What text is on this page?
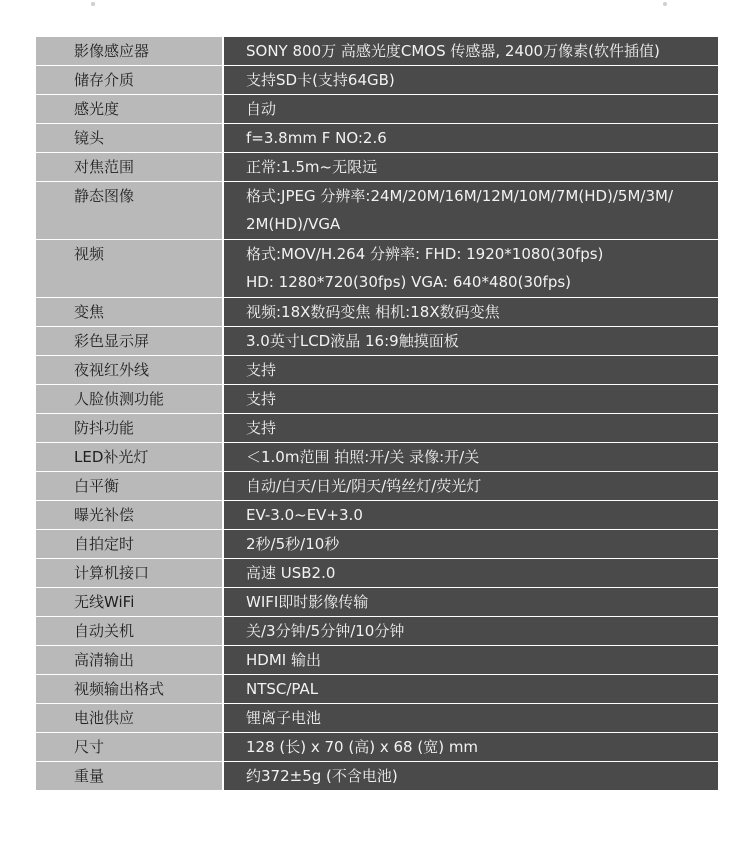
影像感应器	SONY 800万 高感光度CMOS 传感器, 2400万像素(软件插值)

储存介质	支持SD卡(支持64GB)

感光度	自动

镜头	f=3.8mm F NO:2.6

对焦范围	正常:1.5m~无限远

静态图像	格式:JPEG 分辨率:24M/20M/16M/12M/10M/7M(HD)/5M/3M/
2M(HD)/VGA

视频	格式:MOV/H.264 分辨率: FHD: 1920*1080(30fps)
HD: 1280*720(30fps) VGA: 640*480(30fps)

变焦	视频:18X数码变焦 相机:18X数码变焦

彩色显示屏	3.0英寸LCD液晶 16:9触摸面板

夜视红外线	支持

人脸侦测功能	支持

防抖功能	支持

LED补光灯	＜1.0m范围 拍照:开/关 录像:开/关

白平衡	自动/白天/日光/阴天/钨丝灯/荧光灯

曝光补偿	EV-3.0~EV+3.0

自拍定时	2秒/5秒/10秒

计算机接口	高速 USB2.0

无线WiFi	WIFI即时影像传输

自动关机	关/3分钟/5分钟/10分钟

高清输出	HDMI 输出

视频输出格式	NTSC/PAL

电池供应	锂离子电池

尺寸	128 (长) x 70 (高) x 68 (宽) mm

重量	约372±5g (不含电池)
